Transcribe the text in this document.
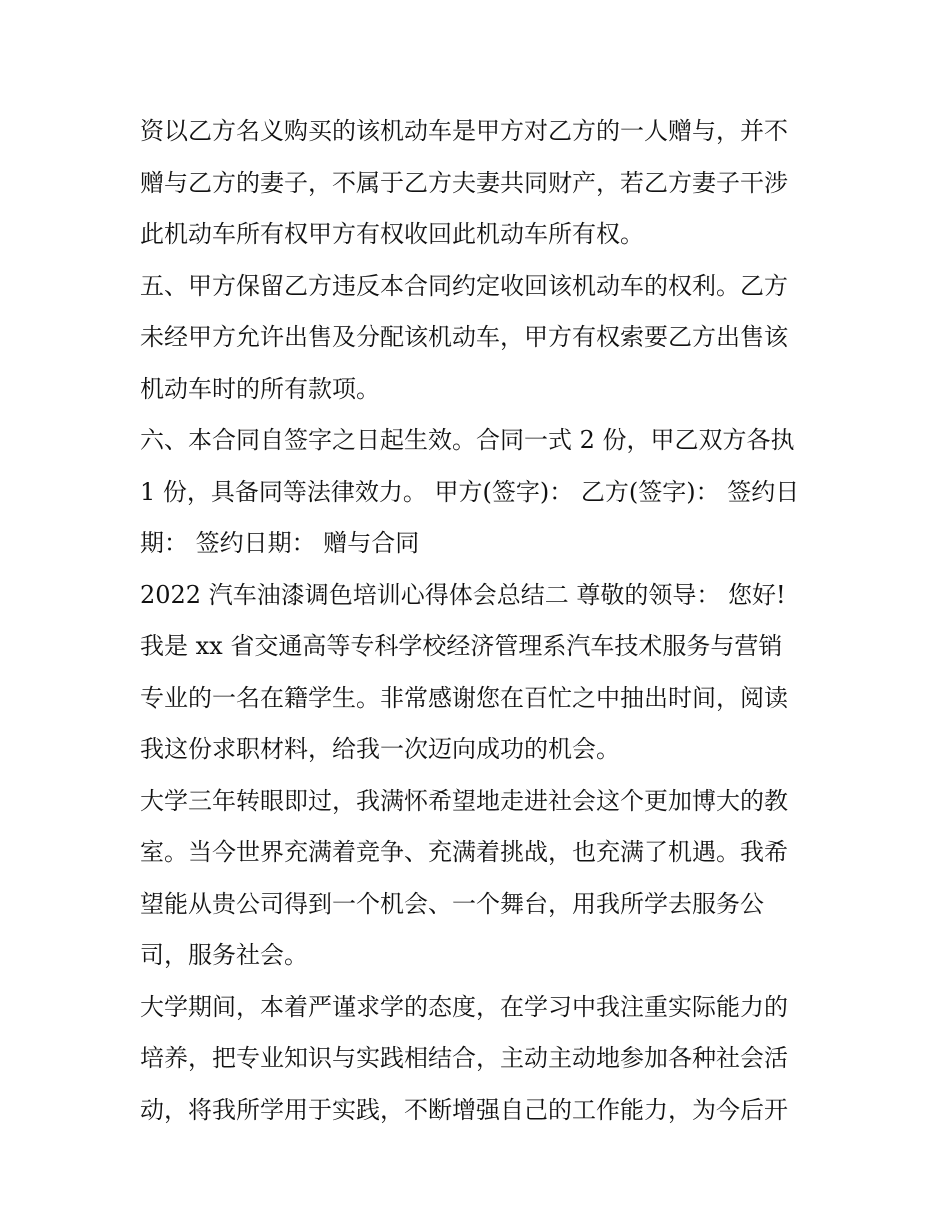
资以乙方名义购买的该机动车是甲方对乙方的一人赠与，并不
赠与乙方的妻子，不属于乙方夫妻共同财产，若乙方妻子干涉
此机动车所有权甲方有权收回此机动车所有权。
五、甲方保留乙方违反本合同约定收回该机动车的权利。乙方
未经甲方允许出售及分配该机动车，甲方有权索要乙方出售该
机动车时的所有款项。
六、本合同自签字之日起生效。合同一式 2 份，甲乙双方各执
1 份，具备同等法律效力。 甲方(签字)： 乙方(签字)： 签约日
期： 签约日期： 赠与合同
2022 汽车油漆调色培训心得体会总结二 尊敬的领导： 您好!
我是 xx 省交通高等专科学校经济管理系汽车技术服务与营销
专业的一名在籍学生。非常感谢您在百忙之中抽出时间，阅读
我这份求职材料，给我一次迈向成功的机会。
大学三年转眼即过，我满怀希望地走进社会这个更加博大的教
室。当今世界充满着竞争、充满着挑战，也充满了机遇。我希
望能从贵公司得到一个机会、一个舞台，用我所学去服务公
司，服务社会。
大学期间，本着严谨求学的态度，在学习中我注重实际能力的
培养，把专业知识与实践相结合，主动主动地参加各种社会活
动，将我所学用于实践，不断增强自己的工作能力，为今后开
